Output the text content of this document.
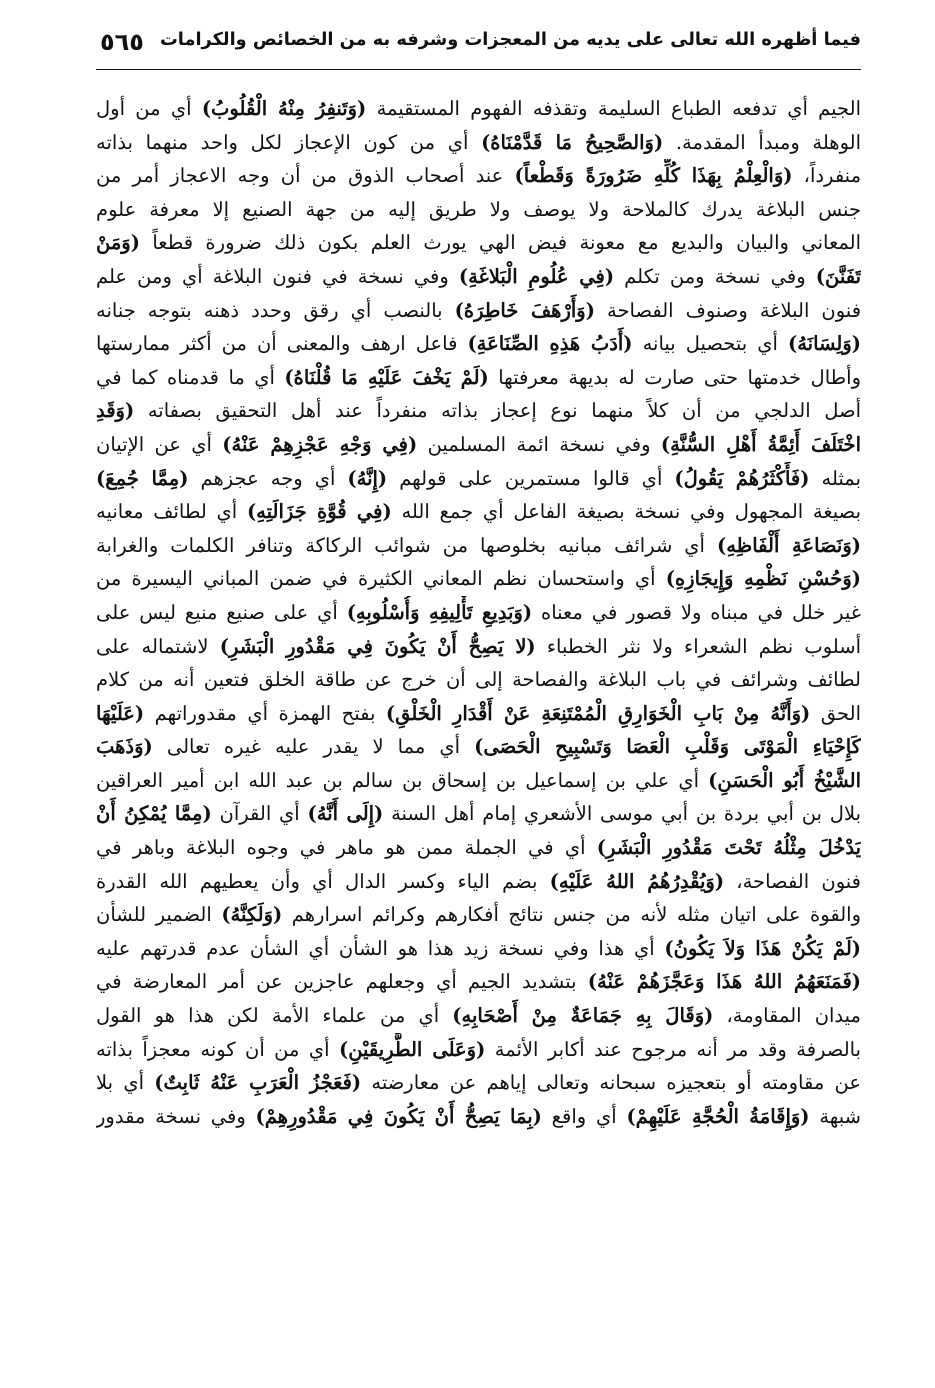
فيما أظهره الله تعالى على يديه من المعجزات وشرفه به من الخصائص والكرامات
٥٦٥
الجيم أي تدفعه الطباع السليمة وتقذفه الفهوم المستقيمة (وَتَنفِرُ مِنْهُ الْقُلُوبُ) أي من أول
الوهلة ومبدأ المقدمة. (وَالصَّحِيحُ مَا قَدَّمْنَاهُ) أي من كون الإعجاز لكل واحد منهما بذاته
منفرداً، (وَالْعِلْمُ بِهَذَا كُلِّهِ ضَرُورَةً وَقَطْعاً) عند أصحاب الذوق من أن وجه الاعجاز أمر من
جنس البلاغة يدرك كالملاحة ولا يوصف ولا طريق إليه من جهة الصنيع إلا معرفة علوم
المعاني والبيان والبديع مع معونة فيض الهي يورث العلم بكون ذلك ضرورة قطعاً (وَمَنْ
تَفَنَّنَ) وفي نسخة ومن تكلم (فِي عُلُومِ الْبَلاغَةِ) وفي نسخة في فنون البلاغة أي ومن علم
فنون البلاغة وصنوف الفصاحة (وَأَرْهَفَ خَاطِرَهُ) بالنصب أي رقق وحدد ذهنه بتوجه جنانه
(وَلِسَانَهُ) أي بتحصيل بيانه (أَدَبُ هَذِهِ الصِّنَاعَةِ) فاعل ارهف والمعنى أن من أكثر ممارستها
وأطال خدمتها حتى صارت له بديهة معرفتها (لَمْ يَخْفَ عَلَيْهِ مَا قُلْنَاهُ) أي ما قدمناه كما في
أصل الدلجي من أن كلاً منهما نوع إعجاز بذاته منفرداً عند أهل التحقيق بصفاته (وَقَدِ
اخْتَلَفَ أَئِمَّةُ أَهْلِ السُّنَّةِ) وفي نسخة ائمة المسلمين (فِي وَجْهِ عَجْزِهِمْ عَنْهُ) أي عن الإتيان
بمثله (فَأَكْثَرُهُمْ يَقُولُ) أي قالوا مستمرين على قولهم (إِنَّهُ) أي وجه عجزهم (مِمَّا جُمِعَ)
بصيغة المجهول وفي نسخة بصيغة الفاعل أي جمع الله (فِي قُوَّةِ جَزَالَتِهِ) أي لطائف معانيه
(وَنَصَاعَةِ أَلْفَاظِهِ) أي شرائف مبانيه بخلوصها من شوائب الركاكة وتنافر الكلمات والغرابة
(وَحُسْنِ نَظْمِهِ وَإِيجَازِهِ) أي واستحسان نظم المعاني الكثيرة في ضمن المباني اليسيرة من
غير خلل في مبناه ولا قصور في معناه (وَبَدِيعِ تَأْلِيفِهِ وَأُسْلُوبِهِ) أي على صنيع منيع ليس على
أسلوب نظم الشعراء ولا نثر الخطباء (لا يَصِحُّ أَنْ يَكُونَ فِي مَقْدُورِ الْبَشَرِ) لاشتماله على
لطائف وشرائف في باب البلاغة والفصاحة إلى أن خرج عن طاقة الخلق فتعين أنه من كلام
الحق (وَأَنَّهُ مِنْ بَابِ الْخَوَارِقِ الْمُمْتَنِعَةِ عَنْ أَقْدَارِ الْخَلْقِ) بفتح الهمزة أي مقدوراتهم (عَلَيْهَا
كَإِحْيَاءِ الْمَوْتَى وَقَلْبِ الْعَصَا وَتَسْبِيحِ الْحَصَى) أي مما لا يقدر عليه غيره تعالى (وَذَهَبَ
الشَّيْخُ أَبُو الْحَسَنِ) أي علي بن إسماعيل بن إسحاق بن سالم بن عبد الله ابن أمير العراقين
بلال بن أبي بردة بن أبي موسى الأشعري إمام أهل السنة (إِلَى أَنَّهُ) أي القرآن (مِمَّا يُمْكِنُ أَنْ
يَدْخُلَ مِثْلُهُ تَحْتَ مَقْدُورِ الْبَشَرِ) أي في الجملة ممن هو ماهر في وجوه البلاغة وباهر في
فنون الفصاحة، (وَيُقْدِرُهُمُ اللهُ عَلَيْهِ) بضم الياء وكسر الدال أي وأن يعطيهم الله القدرة
والقوة على اتيان مثله لأنه من جنس نتائج أفكارهم وكرائم اسرارهم (وَلَكِنَّهُ) الضمير للشأن
(لَمْ يَكُنْ هَذَا وَلاَ يَكُونُ) أي هذا وفي نسخة زيد هذا هو الشأن أي الشأن عدم قدرتهم عليه
(فَمَنَعَهُمُ اللهُ هَذَا وَعَجَّزَهُمْ عَنْهُ) بتشديد الجيم أي وجعلهم عاجزين عن أمر المعارضة في
ميدان المقاومة، (وَقَالَ بِهِ جَمَاعَةٌ مِنْ أَصْحَابِهِ) أي من علماء الأمة لكن هذا هو القول
بالصرفة وقد مر أنه مرجوح عند أكابر الأئمة (وَعَلَى الطَّرِيقَيْنِ) أي من أن كونه معجزاً بذاته
عن مقاومته أو بتعجيزه سبحانه وتعالى إياهم عن معارضته (فَعَجْزُ الْعَرَبِ عَنْهُ ثَابِتٌ) أي بلا
شبهة (وَإِقَامَةُ الْحُجَّةِ عَلَيْهِمْ) أي واقع (بِمَا يَصِحُّ أَنْ يَكُونَ فِي مَقْدُورِهِمْ) وفي نسخة مقدور
